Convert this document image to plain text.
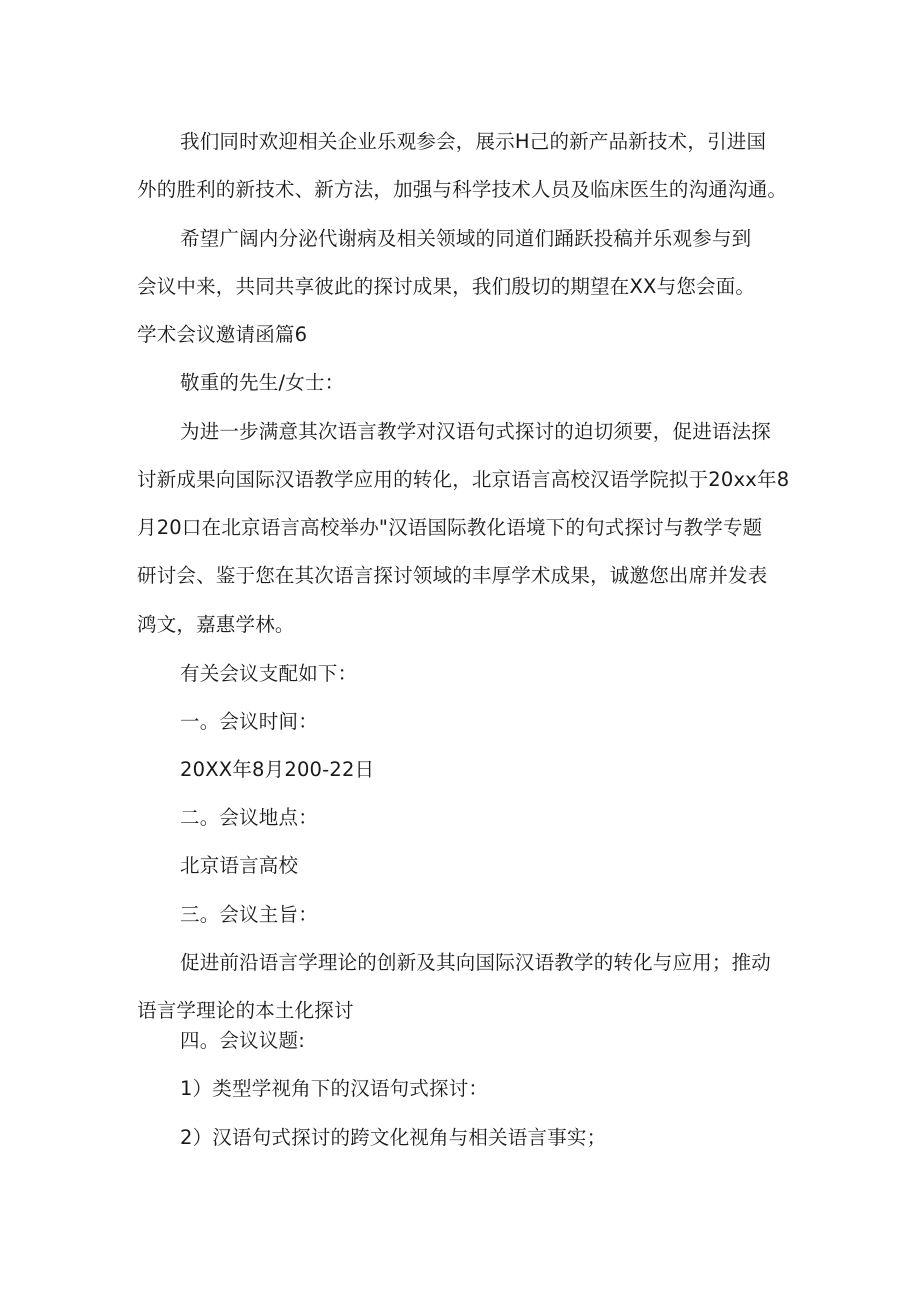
我们同时欢迎相关企业乐观参会，展示H己的新产品新技术，引进国
外的胜利的新技术、新方法，加强与科学技术人员及临床医生的沟通沟通。
希望广阔内分泌代谢病及相关领域的同道们踊跃投稿并乐观参与到
会议中来，共同共享彼此的探讨成果，我们殷切的期望在XX与您会面。
学术会议邀请函篇6
敬重的先生/女士：
为进一步满意其次语言教学对汉语句式探讨的迫切须要，促进语法探
讨新成果向国际汉语教学应用的转化，北京语言高校汉语学院拟于20xx年8
月20口在北京语言高校举办"汉语国际教化语境下的句式探讨与教学专题
研讨会、鉴于您在其次语言探讨领域的丰厚学术成果，诚邀您出席并发表
鸿文，嘉惠学林。
有关会议支配如下：
一。会议时间：
20XX年8月200-22日
二。会议地点：
北京语言高校
三。会议主旨：
促进前沿语言学理论的创新及其向国际汉语教学的转化与应用；推动
语言学理论的本土化探讨
四。会议议题:
1）类型学视角下的汉语句式探讨：
2）汉语句式探讨的跨文化视角与相关语言事实；
